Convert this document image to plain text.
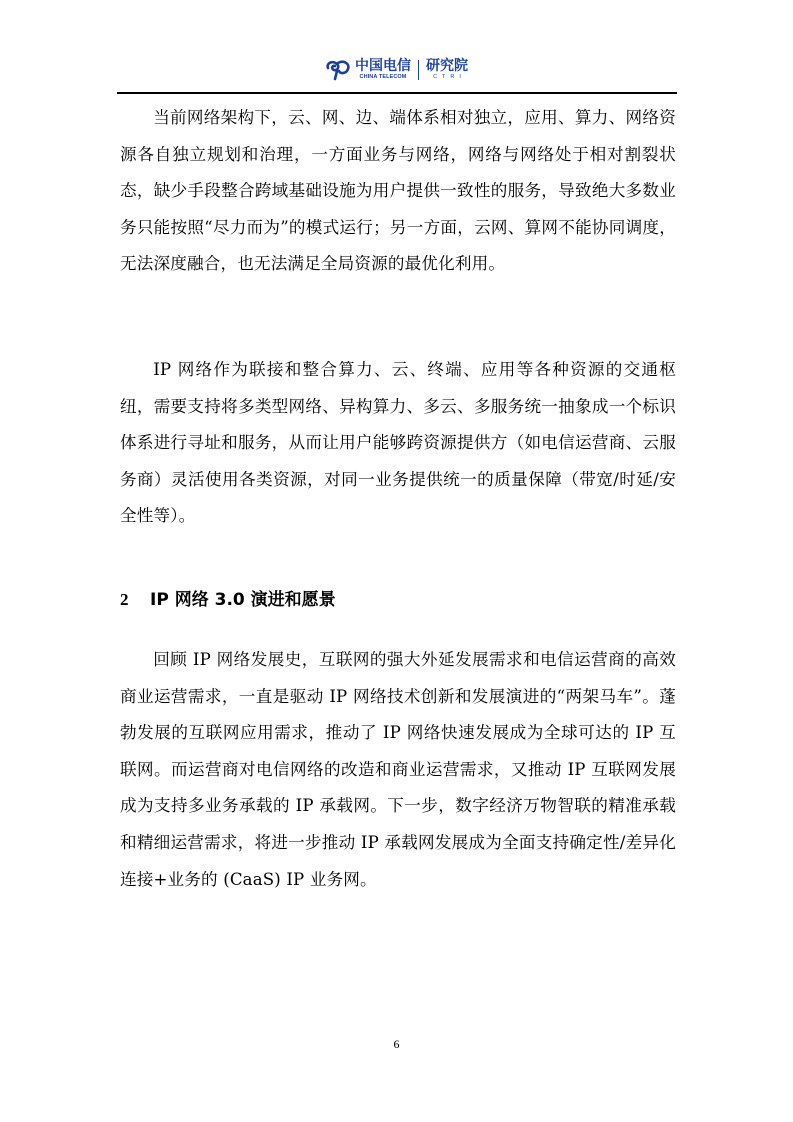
中国电信
CHINA TELECOM
研究院
CTRI

当前网络架构下，云、网、边、端体系相对独立，应用、算力、网络资源各自独立规划和治理，一方面业务与网络，网络与网络处于相对割裂状态，缺少手段整合跨域基础设施为用户提供一致性的服务，导致绝大多数业务只能按照“尽力而为”的模式运行；另一方面，云网、算网不能协同调度，无法深度融合，也无法满足全局资源的最优化利用。

IP 网络作为联接和整合算力、云、终端、应用等各种资源的交通枢纽，需要支持将多类型网络、异构算力、多云、多服务统一抽象成一个标识体系进行寻址和服务，从而让用户能够跨资源提供方（如电信运营商、云服务商）灵活使用各类资源，对同一业务提供统一的质量保障（带宽/时延/安全性等）。

2 IP 网络 3.0 演进和愿景

回顾 IP 网络发展史，互联网的强大外延发展需求和电信运营商的高效商业运营需求，一直是驱动 IP 网络技术创新和发展演进的“两架马车”。蓬勃发展的互联网应用需求，推动了 IP 网络快速发展成为全球可达的 IP 互联网。而运营商对电信网络的改造和商业运营需求，又推动 IP 互联网发展成为支持多业务承载的 IP 承载网。下一步，数字经济万物智联的精准承载和精细运营需求，将进一步推动 IP 承载网发展成为全面支持确定性/差异化连接+业务的 (CaaS) IP 业务网。

6
